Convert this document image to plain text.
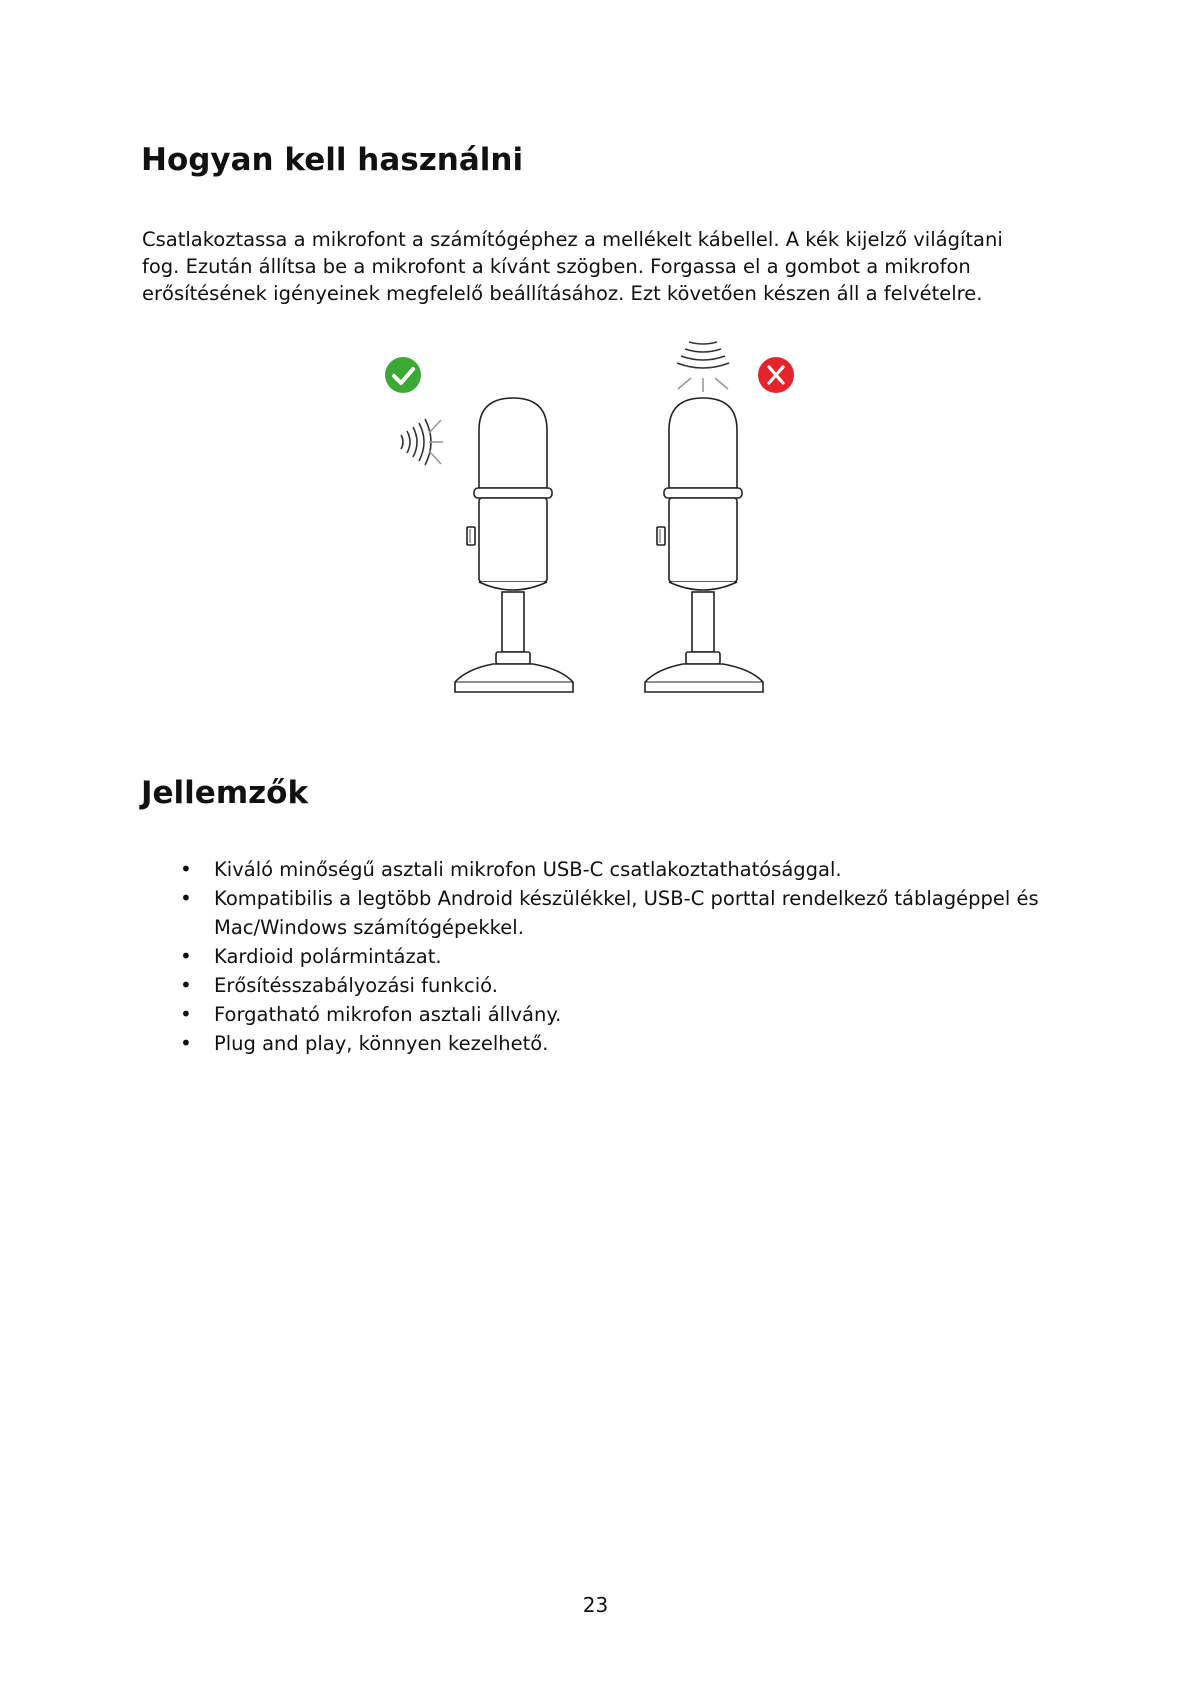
Hogyan kell használni

Csatlakoztassa a mikrofont a számítógéphez a mellékelt kábellel. A kék kijelző világítani
fog. Ezután állítsa be a mikrofont a kívánt szögben. Forgassa el a gombot a mikrofon
erősítésének igényeinek megfelelő beállításához. Ezt követően készen áll a felvételre.

Jellemzők
• Kiváló minőségű asztali mikrofon USB-C csatlakoztathatósággal.
• Kompatibilis a legtöbb Android készülékkel, USB-C porttal rendelkező táblagéppel és Mac/Windows számítógépekkel.
• Kardioid polármintázat.
• Erősítésszabályozási funkció.
• Forgatható mikrofon asztali állvány.
• Plug and play, könnyen kezelhető.
23
